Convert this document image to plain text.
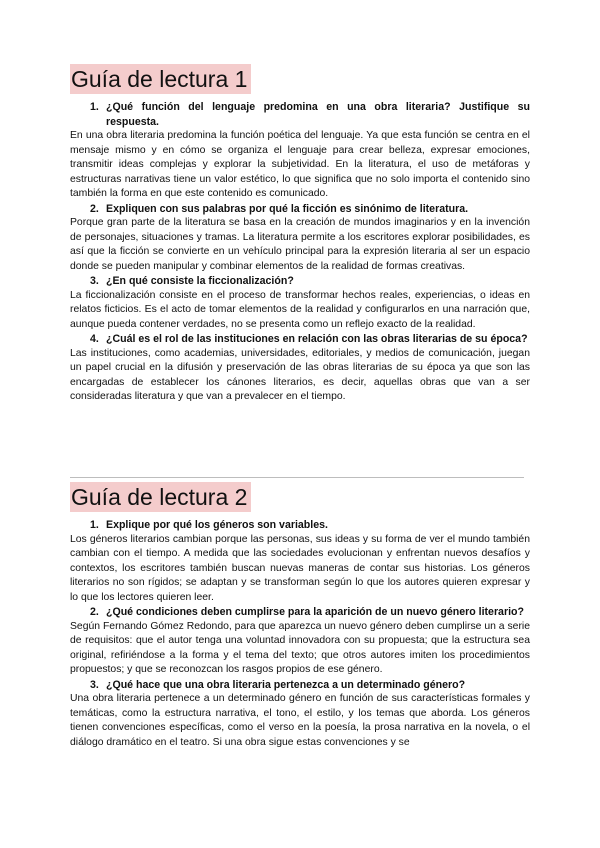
Guía de lectura 1

1. ¿Qué función del lenguaje predomina en una obra literaria? Justifique su respuesta.

En una obra literaria predomina la función poética del lenguaje. Ya que esta función se centra en el mensaje mismo y en cómo se organiza el lenguaje para crear belleza, expresar emociones, transmitir ideas complejas y explorar la subjetividad. En la literatura, el uso de metáforas y estructuras narrativas tiene un valor estético, lo que significa que no solo importa el contenido sino también la forma en que este contenido es comunicado.

2. Expliquen con sus palabras por qué la ficción es sinónimo de literatura.

Porque gran parte de la literatura se basa en la creación de mundos imaginarios y en la invención de personajes, situaciones y tramas. La literatura permite a los escritores explorar posibilidades, es así que la ficción se convierte en un vehículo principal para la expresión literaria al ser un espacio donde se pueden manipular y combinar elementos de la realidad de formas creativas.

3. ¿En qué consiste la ficcionalización?

La ficcionalización consiste en el proceso de transformar hechos reales, experiencias, o ideas en relatos ficticios. Es el acto de tomar elementos de la realidad y configurarlos en una narración que, aunque pueda contener verdades, no se presenta como un reflejo exacto de la realidad.

4. ¿Cuál es el rol de las instituciones en relación con las obras literarias de su época?

Las instituciones, como academias, universidades, editoriales, y medios de comunicación, juegan un papel crucial en la difusión y preservación de las obras literarias de su época ya que son las encargadas de establecer los cánones literarios, es decir, aquellas obras que van a ser consideradas literatura y que van a prevalecer en el tiempo.

Guía de lectura 2

1. Explique por qué los géneros son variables.

Los géneros literarios cambian porque las personas, sus ideas y su forma de ver el mundo también cambian con el tiempo. A medida que las sociedades evolucionan y enfrentan nuevos desafíos y contextos, los escritores también buscan nuevas maneras de contar sus historias. Los géneros literarios no son rígidos; se adaptan y se transforman según lo que los autores quieren expresar y lo que los lectores quieren leer.

2. ¿Qué condiciones deben cumplirse para la aparición de un nuevo género literario?

Según Fernando Gómez Redondo, para que aparezca un nuevo género deben cumplirse un a serie de requisitos: que el autor tenga una voluntad innovadora con su propuesta; que la estructura sea original, refiriéndose a la forma y el tema del texto; que otros autores imiten los procedimientos propuestos; y que se reconozcan los rasgos propios de ese género.

3. ¿Qué hace que una obra literaria pertenezca a un determinado género?

Una obra literaria pertenece a un determinado género en función de sus características formales y temáticas, como la estructura narrativa, el tono, el estilo, y los temas que aborda. Los géneros tienen convenciones específicas, como el verso en la poesía, la prosa narrativa en la novela, o el diálogo dramático en el teatro. Si una obra sigue estas convenciones y se
